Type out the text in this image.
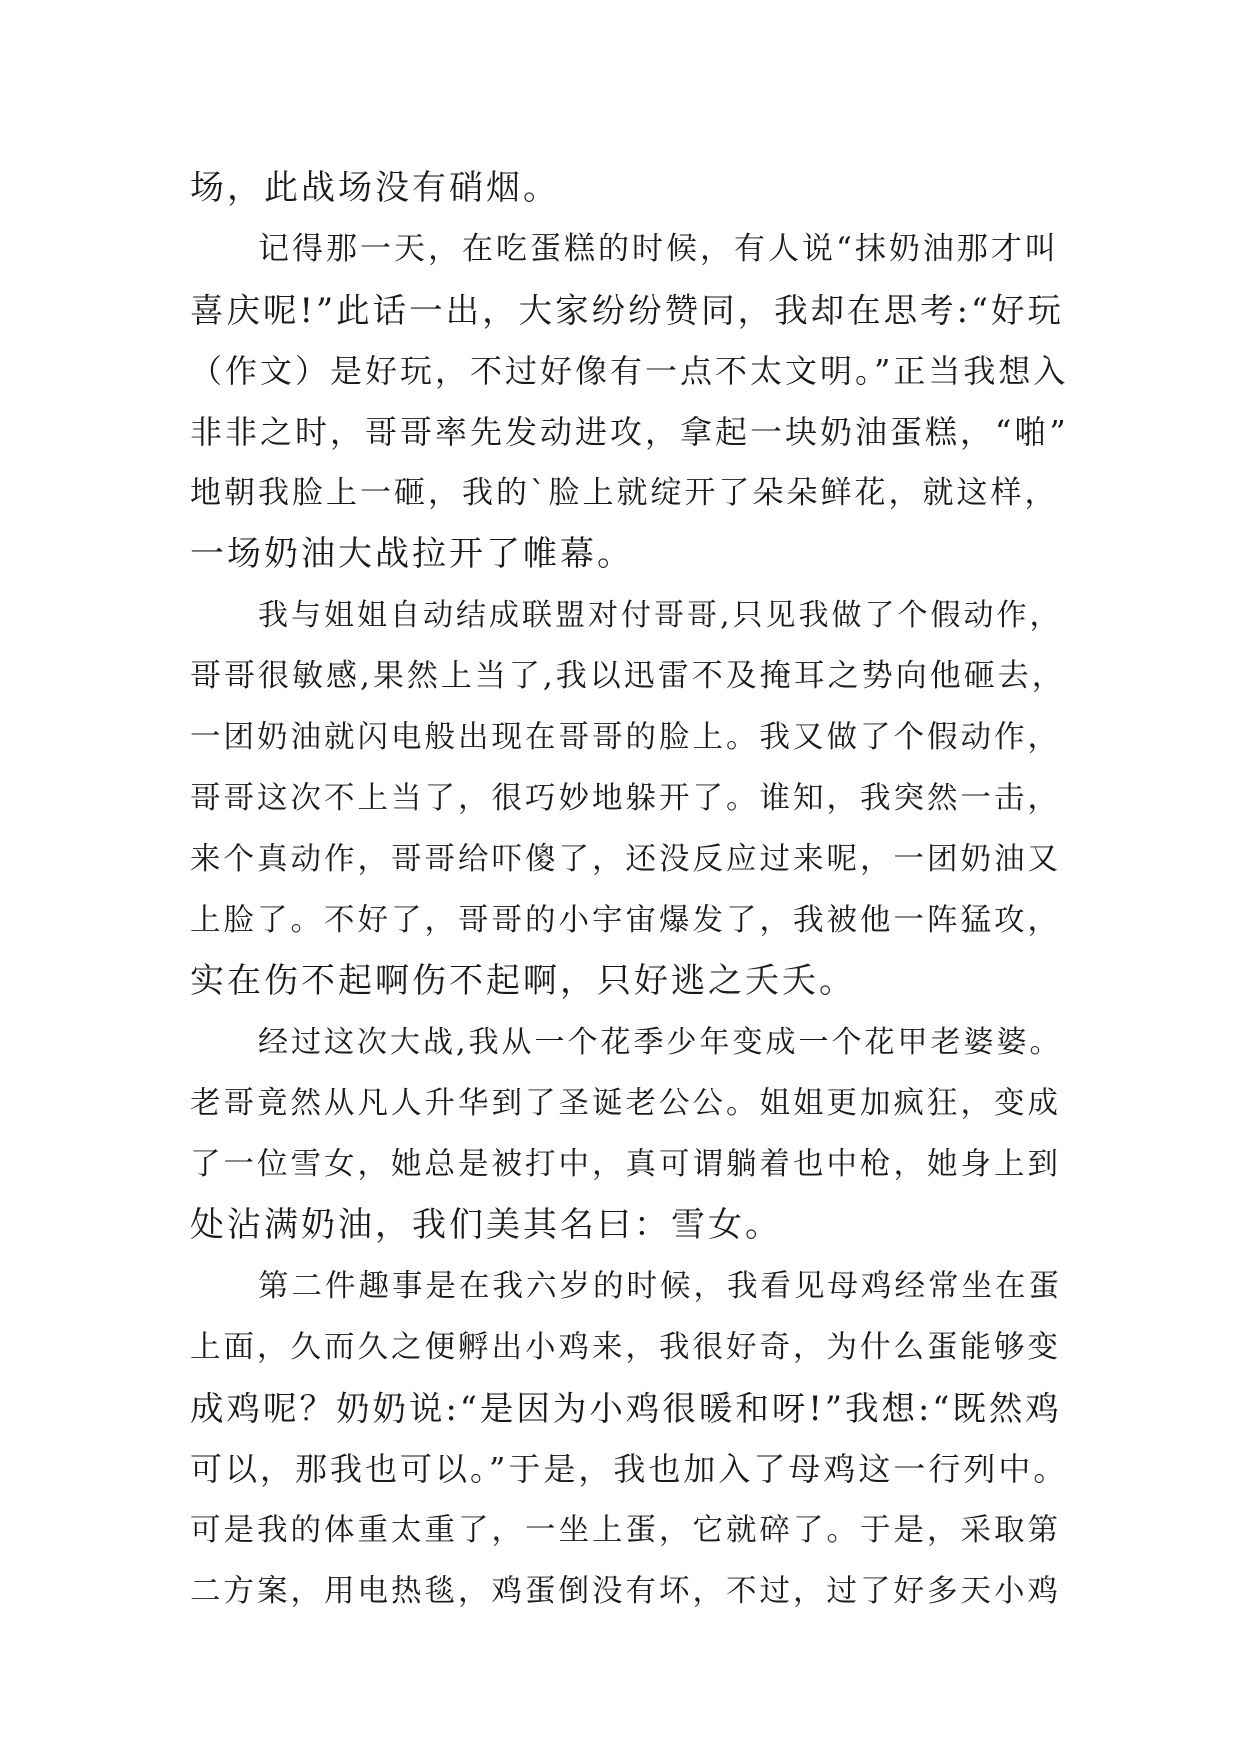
场，此战场没有硝烟。
记得那一天，在吃蛋糕的时候，有人说“抹奶油那才叫
喜庆呢!”此话一出，大家纷纷赞同，我却在思考:“好玩
（作文）是好玩，不过好像有一点不太文明。”正当我想入
非非之时，哥哥率先发动进攻，拿起一块奶油蛋糕，“啪”
地朝我脸上一砸，我的`脸上就绽开了朵朵鲜花，就这样，
一场奶油大战拉开了帷幕。
我与姐姐自动结成联盟对付哥哥,只见我做了个假动作，
哥哥很敏感,果然上当了,我以迅雷不及掩耳之势向他砸去，
一团奶油就闪电般出现在哥哥的脸上。我又做了个假动作，
哥哥这次不上当了，很巧妙地躲开了。谁知，我突然一击，
来个真动作，哥哥给吓傻了，还没反应过来呢，一团奶油又
上脸了。不好了，哥哥的小宇宙爆发了，我被他一阵猛攻，
实在伤不起啊伤不起啊，只好逃之夭夭。
经过这次大战,我从一个花季少年变成一个花甲老婆婆。
老哥竟然从凡人升华到了圣诞老公公。姐姐更加疯狂，变成
了一位雪女，她总是被打中，真可谓躺着也中枪，她身上到
处沾满奶油，我们美其名曰：雪女。
第二件趣事是在我六岁的时候，我看见母鸡经常坐在蛋
上面，久而久之便孵出小鸡来，我很好奇，为什么蛋能够变
成鸡呢？奶奶说:“是因为小鸡很暖和呀!”我想:“既然鸡
可以，那我也可以。”于是，我也加入了母鸡这一行列中。
可是我的体重太重了，一坐上蛋，它就碎了。于是，采取第
二方案，用电热毯，鸡蛋倒没有坏，不过，过了好多天小鸡
